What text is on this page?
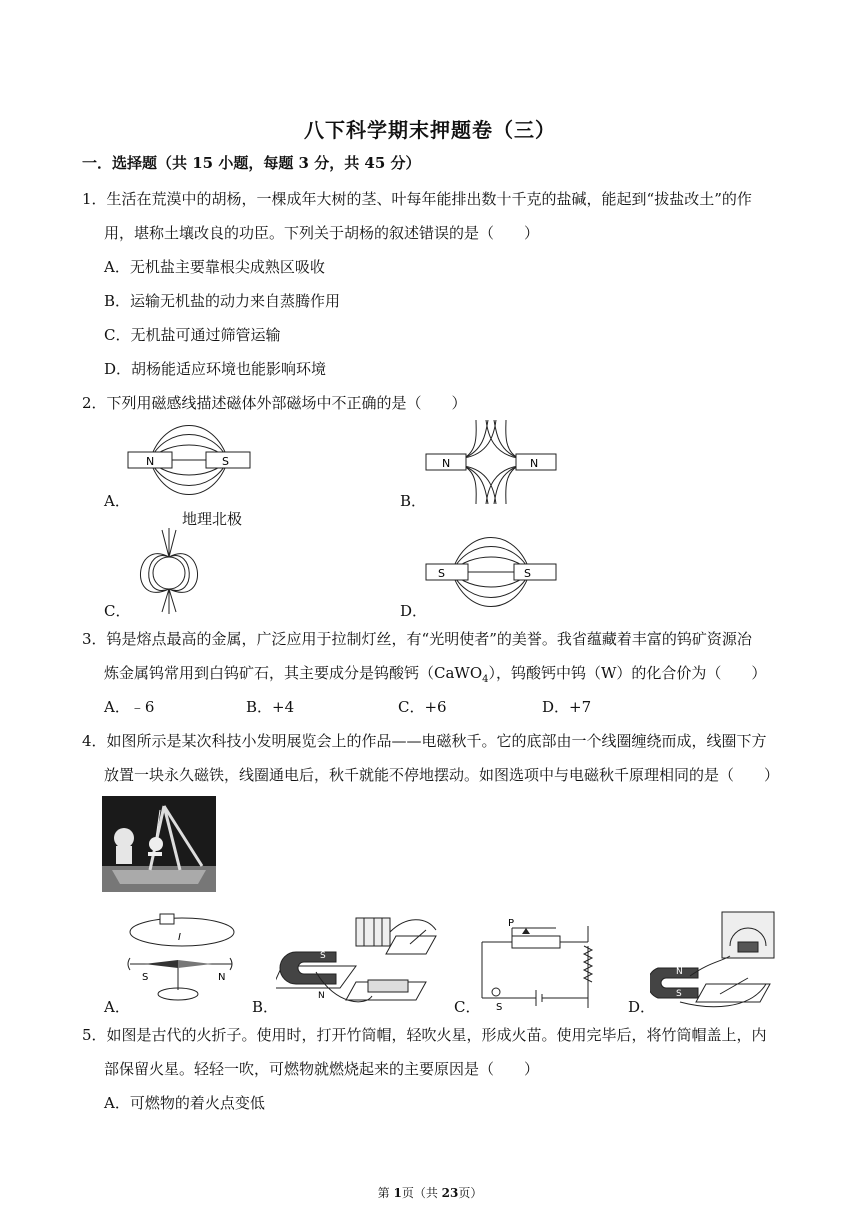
八下科学期末押题卷（三）
一．选择题（共 15 小题，每题 3 分，共 45 分）
1．生活在荒漠中的胡杨，一棵成年大树的茎、叶每年能排出数十千克的盐碱，能起到“拔盐改土”的作
用，堪称土壤改良的功臣。下列关于胡杨的叙述错误的是（　　）
A．无机盐主要靠根尖成熟区吸收
B．运输无机盐的动力来自蒸腾作用
C．无机盐可通过筛管运输
D．胡杨能适应环境也能影响环境
2．下列用磁感线描述磁体外部磁场中不正确的是（　　）
N	S
A．
N	N
B．
地理北极
C．
S	S
D．
3．钨是熔点最高的金属，广泛应用于拉制灯丝，有“光明使者”的美誉。我省蕴藏着丰富的钨矿资源冶
炼金属钨常用到白钨矿石，其主要成分是钨酸钙（CaWO$_4$），钨酸钙中钨（W）的化合价为（　　）
A．﹣6	B．+4	C．+6	D．+7
4．如图所示是某次科技小发明展览会上的作品——电磁秋千。它的底部由一个线圈缠绕而成，线圈下方
放置一块永久磁铁，线圈通电后，秋千就能不停地摆动。如图选项中与电磁秋千原理相同的是（　　）
I
S	N
A．
S
N
B．
P
S
C．
N
S
D．
5．如图是古代的火折子。使用时，打开竹筒帽，轻吹火星，形成火苗。使用完毕后，将竹筒帽盖上，内
部保留火星。轻轻一吹，可燃物就燃烧起来的主要原因是（　　）
A．可燃物的着火点变低
第 1页（共 23页）
